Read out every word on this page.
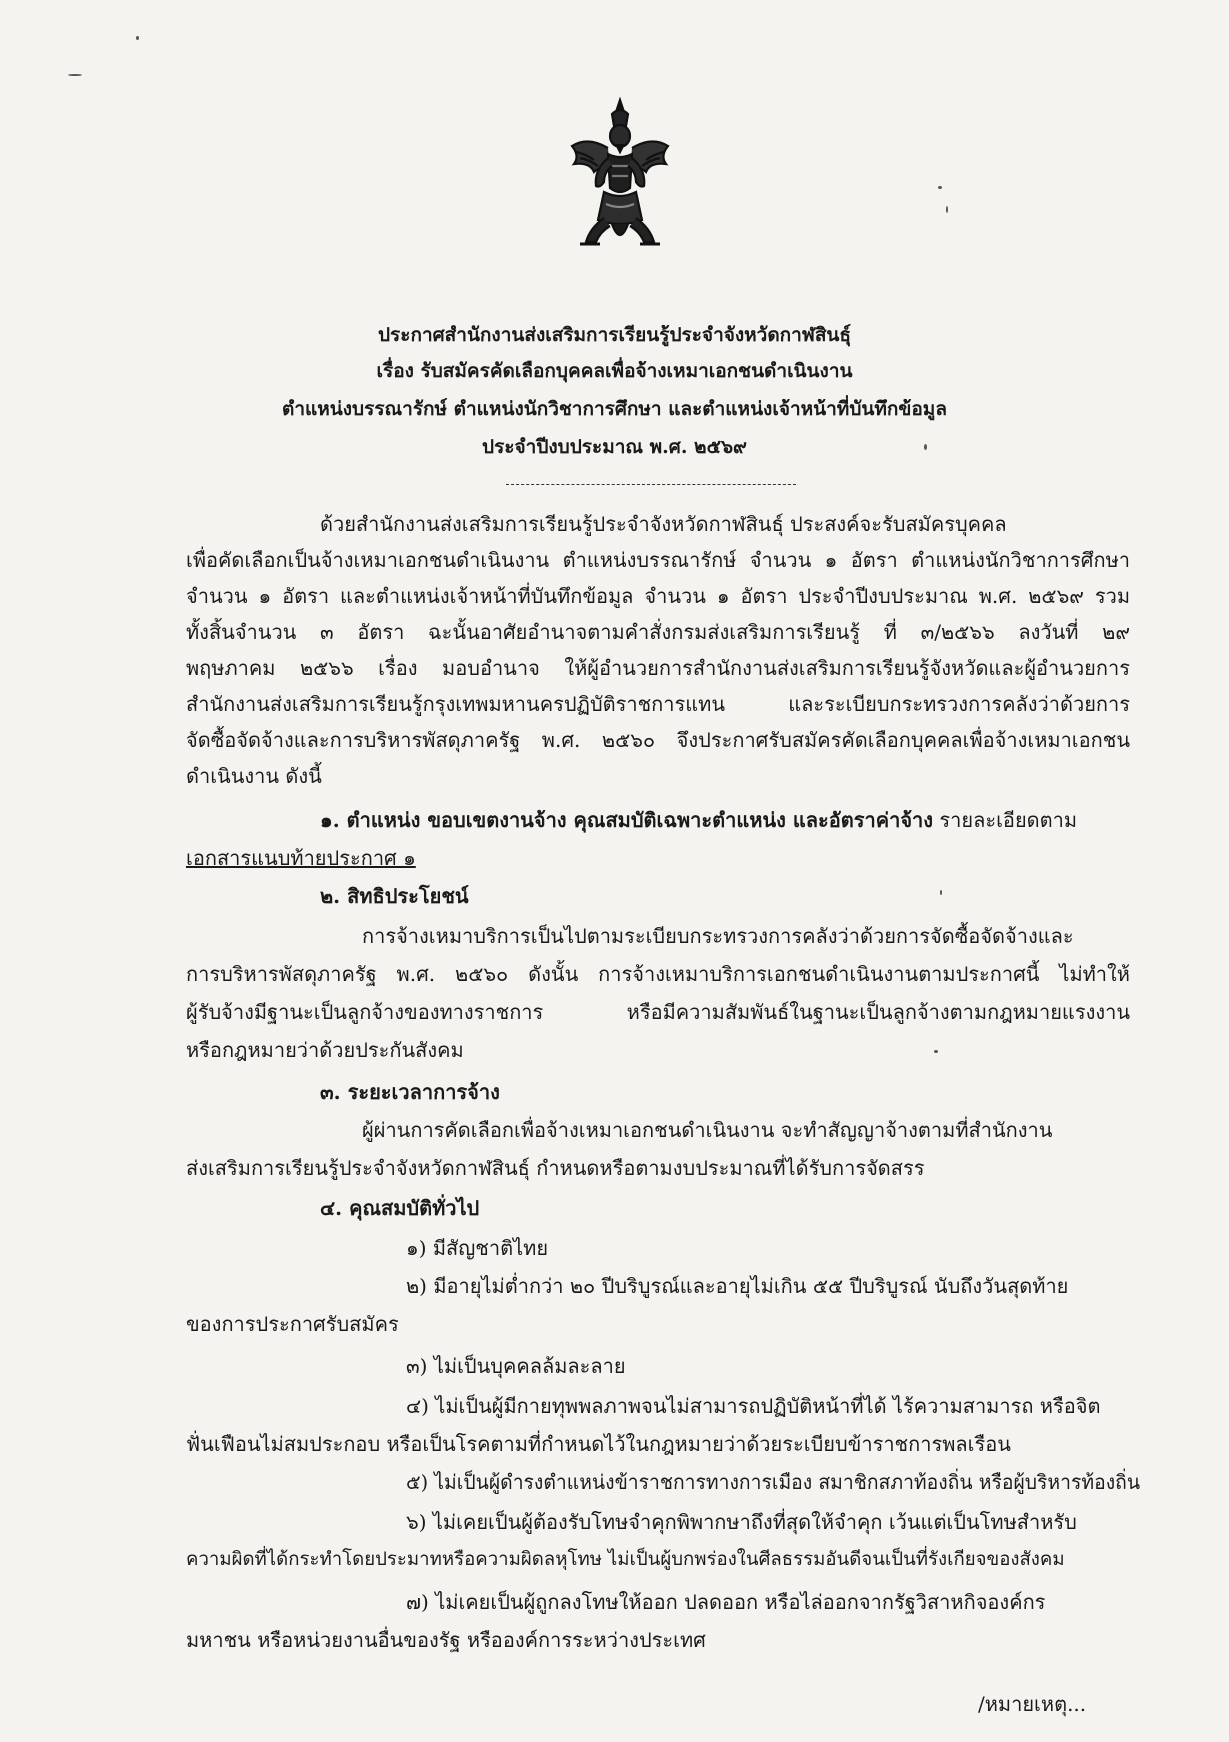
ประกาศสำนักงานส่งเสริมการเรียนรู้ประจำจังหวัดกาฬสินธุ์
เรื่อง รับสมัครคัดเลือกบุคคลเพื่อจ้างเหมาเอกชนดำเนินงาน
ตำแหน่งบรรณารักษ์ ตำแหน่งนักวิชาการศึกษา และตำแหน่งเจ้าหน้าที่บันทึกข้อมูล
ประจำปีงบประมาณ พ.ศ. ๒๕๖๙
ด้วยสำนักงานส่งเสริมการเรียนรู้ประจำจังหวัดกาฬสินธุ์ ประสงค์จะรับสมัครบุคคล
เพื่อคัดเลือกเป็นจ้างเหมาเอกชนดำเนินงาน ตำแหน่งบรรณารักษ์ จำนวน ๑ อัตรา ตำแหน่งนักวิชาการศึกษา
จำนวน ๑ อัตรา และตำแหน่งเจ้าหน้าที่บันทึกข้อมูล จำนวน ๑ อัตรา ประจำปีงบประมาณ พ.ศ. ๒๕๖๙ รวม
ทั้งสิ้นจำนวน ๓ อัตรา ฉะนั้นอาศัยอำนาจตามคำสั่งกรมส่งเสริมการเรียนรู้ ที่ ๓/๒๕๖๖ ลงวันที่ ๒๙
พฤษภาคม ๒๕๖๖ เรื่อง มอบอำนาจ ให้ผู้อำนวยการสำนักงานส่งเสริมการเรียนรู้จังหวัดและผู้อำนวยการ
สำนักงานส่งเสริมการเรียนรู้กรุงเทพมหานครปฏิบัติราชการแทน และระเบียบกระทรวงการคลังว่าด้วยการ
จัดซื้อจัดจ้างและการบริหารพัสดุภาครัฐ พ.ศ. ๒๕๖๐ จึงประกาศรับสมัครคัดเลือกบุคคลเพื่อจ้างเหมาเอกชน
ดำเนินงาน ดังนี้
๑. ตำแหน่ง ขอบเขตงานจ้าง คุณสมบัติเฉพาะตำแหน่ง และอัตราค่าจ้าง รายละเอียดตาม
เอกสารแนบท้ายประกาศ ๑
๒. สิทธิประโยชน์
การจ้างเหมาบริการเป็นไปตามระเบียบกระทรวงการคลังว่าด้วยการจัดซื้อจัดจ้างและ
การบริหารพัสดุภาครัฐ พ.ศ. ๒๕๖๐ ดังนั้น การจ้างเหมาบริการเอกชนดำเนินงานตามประกาศนี้ ไม่ทำให้
ผู้รับจ้างมีฐานะเป็นลูกจ้างของทางราชการ หรือมีความสัมพันธ์ในฐานะเป็นลูกจ้างตามกฎหมายแรงงาน
หรือกฎหมายว่าด้วยประกันสังคม
๓. ระยะเวลาการจ้าง
ผู้ผ่านการคัดเลือกเพื่อจ้างเหมาเอกชนดำเนินงาน จะทำสัญญาจ้างตามที่สำนักงาน
ส่งเสริมการเรียนรู้ประจำจังหวัดกาฬสินธุ์ กำหนดหรือตามงบประมาณที่ได้รับการจัดสรร
๔. คุณสมบัติทั่วไป
๑) มีสัญชาติไทย
๒) มีอายุไม่ต่ำกว่า ๒๐ ปีบริบูรณ์และอายุไม่เกิน ๕๕ ปีบริบูรณ์ นับถึงวันสุดท้าย
ของการประกาศรับสมัคร
๓) ไม่เป็นบุคคลล้มละลาย
๔) ไม่เป็นผู้มีกายทุพพลภาพจนไม่สามารถปฏิบัติหน้าที่ได้ ไร้ความสามารถ หรือจิต
ฟั่นเฟือนไม่สมประกอบ หรือเป็นโรคตามที่กำหนดไว้ในกฎหมายว่าด้วยระเบียบข้าราชการพลเรือน
๕) ไม่เป็นผู้ดำรงตำแหน่งข้าราชการทางการเมือง สมาชิกสภาท้องถิ่น หรือผู้บริหารท้องถิ่น
๖) ไม่เคยเป็นผู้ต้องรับโทษจำคุกพิพากษาถึงที่สุดให้จำคุก เว้นแต่เป็นโทษสำหรับ
ความผิดที่ได้กระทำโดยประมาทหรือความผิดลหุโทษ ไม่เป็นผู้บกพร่องในศีลธรรมอันดีจนเป็นที่รังเกียจของสังคม
๗) ไม่เคยเป็นผู้ถูกลงโทษให้ออก ปลดออก หรือไล่ออกจากรัฐวิสาหกิจองค์กร
มหาชน หรือหน่วยงานอื่นของรัฐ หรือองค์การระหว่างประเทศ
/หมายเหตุ...
